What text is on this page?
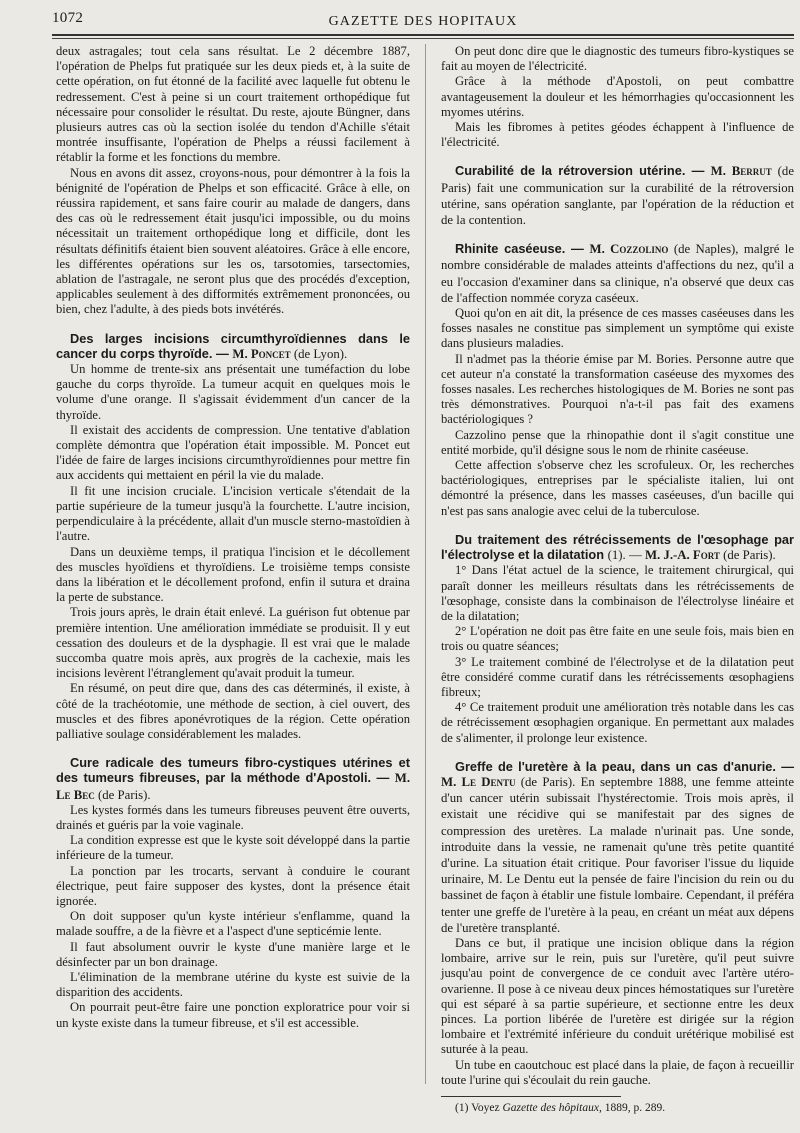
1072	GAZETTE DES HOPITAUX

deux astragales; tout cela sans résultat. Le 2 décembre 1887, l'opération de Phelps fut pratiquée sur les deux pieds et, à la suite de cette opération, on fut étonné de la facilité avec laquelle fut obtenu le redressement. C'est à peine si un court traitement orthopédique fut nécessaire pour consolider le résultat. Du reste, ajoute Büngner, dans plusieurs autres cas où la section isolée du tendon d'Achille s'était montrée insuffisante, l'opération de Phelps a réussi facilement à rétablir la forme et les fonctions du membre.

Nous en avons dit assez, croyons-nous, pour démontrer à la fois la bénignité de l'opération de Phelps et son efficacité. Grâce à elle, on réussira rapidement, et sans faire courir au malade de dangers, dans des cas où le redressement était jusqu'ici impossible, ou du moins nécessitait un traitement orthopédique long et difficile, dont les résultats définitifs étaient bien souvent aléatoires. Grâce à elle encore, les différentes opérations sur les os, tarsotomies, tarsectomies, ablation de l'astragale, ne seront plus que des procédés d'exception, applicables seulement à des difformités extrêmement prononcées, ou bien, chez l'adulte, à des pieds bots invétérés.

Des larges incisions circumthyroïdiennes dans le cancer du corps thyroïde. — M. Poncet (de Lyon).

Un homme de trente-six ans présentait une tuméfaction du lobe gauche du corps thyroïde. La tumeur acquit en quelques mois le volume d'une orange. Il s'agissait évidemment d'un cancer de la thyroïde.

Il existait des accidents de compression. Une tentative d'ablation complète démontra que l'opération était impossible. M. Poncet eut l'idée de faire de larges incisions circumthyroïdiennes pour mettre fin aux accidents qui mettaient en péril la vie du malade.

Il fit une incision cruciale. L'incision verticale s'étendait de la partie supérieure de la tumeur jusqu'à la fourchette. L'autre incision, perpendiculaire à la précédente, allait d'un muscle sterno-mastoïdien à l'autre.

Dans un deuxième temps, il pratiqua l'incision et le décollement des muscles hyoïdiens et thyroïdiens. Le troisième temps consiste dans la libération et le décollement profond, enfin il sutura et draina la perte de substance.

Trois jours après, le drain était enlevé. La guérison fut obtenue par première intention. Une amélioration immédiate se produisit. Il y eut cessation des douleurs et de la dysphagie. Il est vrai que le malade succomba quatre mois après, aux progrès de la cachexie, mais les incisions levèrent l'étranglement qu'avait produit la tumeur.

En résumé, on peut dire que, dans des cas déterminés, il existe, à côté de la trachéotomie, une méthode de section, à ciel ouvert, des muscles et des fibres aponévrotiques de la région. Cette opération palliative soulage considérablement les malades.

Cure radicale des tumeurs fibro-cystiques utérines et des tumeurs fibreuses, par la méthode d'Apostoli. — M. Le Bec (de Paris).

Les kystes formés dans les tumeurs fibreuses peuvent être ouverts, drainés et guéris par la voie vaginale.

La condition expresse est que le kyste soit développé dans la partie inférieure de la tumeur.

La ponction par les trocarts, servant à conduire le courant électrique, peut faire supposer des kystes, dont la présence était ignorée.

On doit supposer qu'un kyste intérieur s'enflamme, quand la malade souffre, a de la fièvre et a l'aspect d'une septicémie lente.

Il faut absolument ouvrir le kyste d'une manière large et le désinfecter par un bon drainage.

L'élimination de la membrane utérine du kyste est suivie de la disparition des accidents.

On pourrait peut-être faire une ponction exploratrice pour voir si un kyste existe dans la tumeur fibreuse, et s'il est accessible.

On peut donc dire que le diagnostic des tumeurs fibro-kystiques se fait au moyen de l'électricité.

Grâce à la méthode d'Apostoli, on peut combattre avantageusement la douleur et les hémorrhagies qu'occasionnent les myomes utérins.

Mais les fibromes à petites géodes échappent à l'influence de l'électricité.

Curabilité de la rétroversion utérine. — M. Berrut (de Paris) fait une communication sur la curabilité de la rétroversion utérine, sans opération sanglante, par l'opération de la réduction et de la contention.
Rhinite caséeuse. — M. Cozzolino (de Naples), malgré le nombre considérable de malades atteints d'affections du nez, qu'il a eu l'occasion d'examiner dans sa clinique, n'a observé que deux cas de l'affection nommée coryza caséeux.

Quoi qu'on en ait dit, la présence de ces masses caséeuses dans les fosses nasales ne constitue pas simplement un symptôme qui existe dans plusieurs maladies.

Il n'admet pas la théorie émise par M. Bories. Personne autre que cet auteur n'a constaté la transformation caséeuse des myxomes des fosses nasales. Les recherches histologiques de M. Bories ne sont pas très démonstratives. Pourquoi n'a-t-il pas fait des examens bactériologiques ?

Cazzolino pense que la rhinopathie dont il s'agit constitue une entité morbide, qu'il désigne sous le nom de rhinite caséeuse.

Cette affection s'observe chez les scrofuleux. Or, les recherches bactériologiques, entreprises par le spécialiste italien, lui ont démontré la présence, dans les masses caséeuses, d'un bacille qui n'est pas sans analogie avec celui de la tuberculose.

Du traitement des rétrécissements de l'œsophage par l'électrolyse et la dilatation (1). — M. J.-A. Fort (de Paris).

1° Dans l'état actuel de la science, le traitement chirurgical, qui paraît donner les meilleurs résultats dans les rétrécissements de l'œsophage, consiste dans la combinaison de l'électrolyse linéaire et de la dilatation;

2° L'opération ne doit pas être faite en une seule fois, mais bien en trois ou quatre séances;

3° Le traitement combiné de l'électrolyse et de la dilatation peut être considéré comme curatif dans les rétrécissements œsophagiens fibreux;

4° Ce traitement produit une amélioration très notable dans les cas de rétrécissement œsophagien organique. En permettant aux malades de s'alimenter, il prolonge leur existence.

Greffe de l'uretère à la peau, dans un cas d'anurie. — M. Le Dentu (de Paris). En septembre 1888, une femme atteinte d'un cancer utérin subissait l'hystérectomie. Trois mois après, il existait une récidive qui se manifestait par des signes de compression des uretères. La malade n'urinait pas. Une sonde, introduite dans la vessie, ne ramenait qu'une très petite quantité d'urine. La situation était critique. Pour favoriser l'issue du liquide urinaire, M. Le Dentu eut la pensée de faire l'incision du rein ou du bassinet de façon à établir une fistule lombaire. Cependant, il préféra tenter une greffe de l'uretère à la peau, en créant un méat aux dépens de l'uretère transplanté.

Dans ce but, il pratique une incision oblique dans la région lombaire, arrive sur le rein, puis sur l'uretère, qu'il peut suivre jusqu'au point de convergence de ce conduit avec l'artère utéro-ovarienne. Il pose à ce niveau deux pinces hémostatiques sur l'uretère qui est séparé à sa partie supérieure, et sectionne entre les deux pinces. La portion libérée de l'uretère est dirigée sur la région lombaire et l'extrémité inférieure du conduit urétérique mobilisé est suturée à la peau.

Un tube en caoutchouc est placé dans la plaie, de façon à recueillir toute l'urine qui s'écoulait du rein gauche.

(1) Voyez Gazette des hôpitaux, 1889, p. 289.
